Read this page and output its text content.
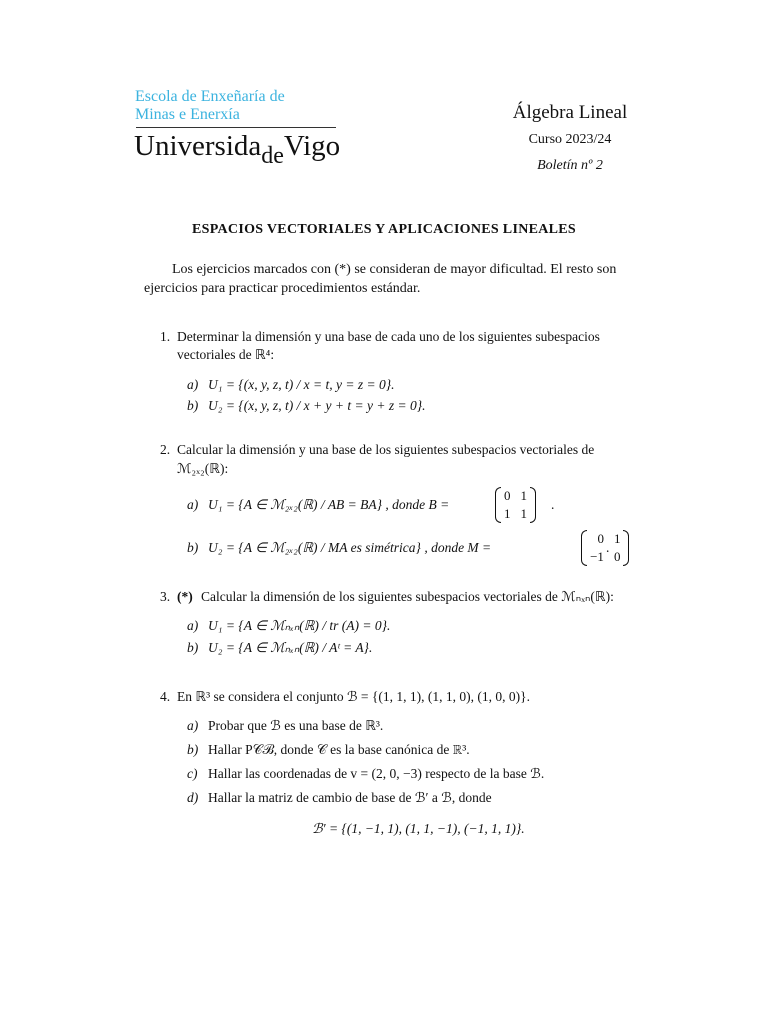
Escola de Enxeñaría de
Minas e Enerxía
Universida$_{de}$Vigo
Álgebra Lineal
Curso 2023/24
Boletín nº 2
ESPACIOS VECTORIALES Y APLICACIONES LINEALES
Los ejercicios marcados con (*) se consideran de mayor dificultad. El resto son ejercicios para practicar procedimientos estándar.
1. Determinar la dimensión y una base de cada uno de los siguientes subespacios
vectoriales de ℝ⁴:
a) U₁ = {(x, y, z, t) / x = t, y = z = 0}.
b) U₂ = {(x, y, z, t) / x + y + t = y + z = 0}.
2. Calcular la dimensión y una base de los siguientes subespacios vectoriales de
ℳ₂ₓ₂(ℝ):
a) U₁ = {A ∈ ℳ₂ₓ₂(ℝ) / AB = BA} , donde B =
0	1
1	1

.
b) U₂ = {A ∈ ℳ₂ₓ₂(ℝ) / MA es simétrica} , donde M =
0	1
−1	0
.
3. (*) Calcular la dimensión de los siguientes subespacios vectoriales de ℳₙₓₙ(ℝ):
a) U₁ = {A ∈ ℳₙₓₙ(ℝ) / tr (A) = 0}.
b) U₂ = {A ∈ ℳₙₓₙ(ℝ) / Aᵗ = A}.
4. En ℝ³ se considera el conjunto ℬ = {(1, 1, 1), (1, 1, 0), (1, 0, 0)}.
a) Probar que ℬ es una base de ℝ³.
b) Hallar P𝒞ℬ, donde 𝒞 es la base canónica de ℝ³.
c) Hallar las coordenadas de v = (2, 0, −3) respecto de la base ℬ.
d) Hallar la matriz de cambio de base de ℬ′ a ℬ, donde
ℬ′ = {(1, −1, 1), (1, 1, −1), (−1, 1, 1)}.
